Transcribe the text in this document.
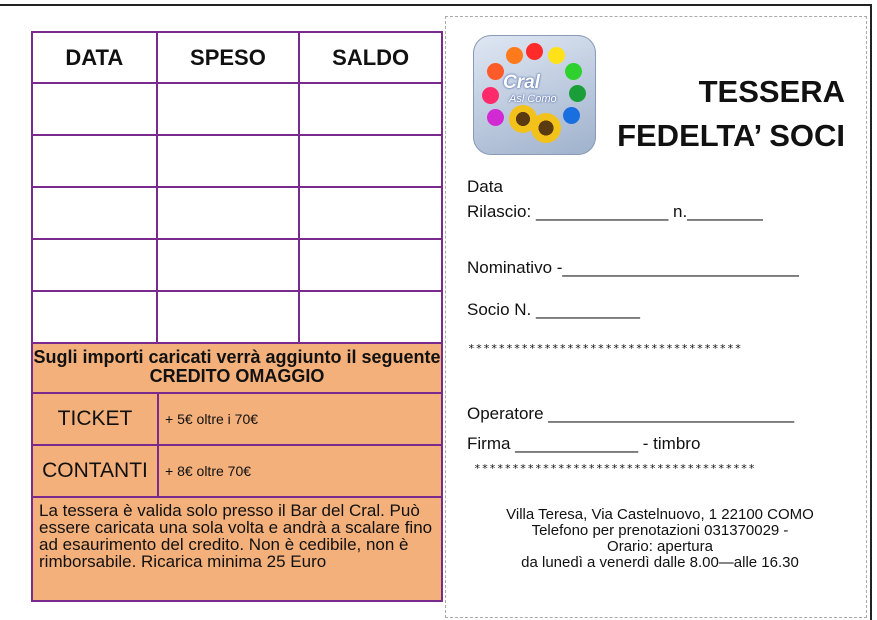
DATA	SPESO	SALDO

Sugli importi caricati verrà aggiunto il seguente CREDITO OMAGGIO
TICKET	+ 5€ oltre i 70€
CONTANTI	+ 8€ oltre 70€
La tessera è valida solo presso il Bar del Cral. Può essere caricata una sola volta e andrà a scalare fino ad esaurimento del credito. Non è cedibile, non è rimborsabile. Ricarica minima 25 Euro
Cral
Asl Como	TESSERA
FEDELTA’ SOCI
Data
Rilascio: ______________ n.________
Nominativo -_________________________
Socio N. ___________
************************************
Operatore __________________________
Firma _____________ - timbro
*************************************
Villa Teresa, Via Castelnuovo, 1 22100 COMO
Telefono per prenotazioni 031370029 -
Orario: apertura
da lunedì a venerdì dalle 8.00—alle 16.30
